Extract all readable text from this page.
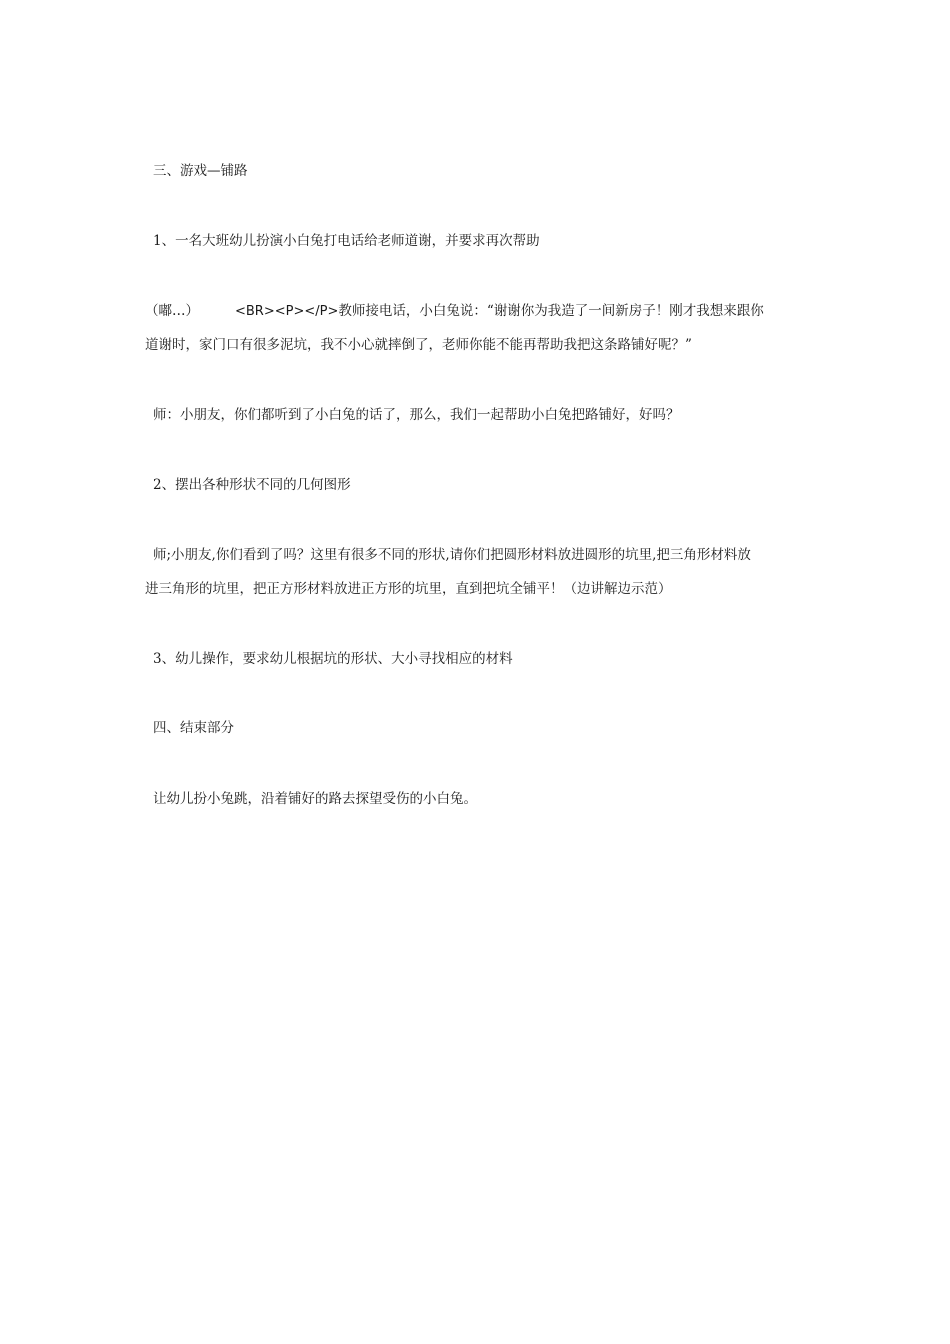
三、游戏—铺路
1、一名大班幼儿扮演小白兔打电话给老师道谢，并要求再次帮助
（嘟…）	<BR><P></P>教师接电话，小白兔说：“谢谢你为我造了一间新房子！刚才我想来跟你
道谢时，家门口有很多泥坑，我不小心就摔倒了，老师你能不能再帮助我把这条路铺好呢？”
师：小朋友，你们都听到了小白兔的话了，那么，我们一起帮助小白兔把路铺好，好吗？
2、摆出各种形状不同的几何图形
师;小朋友,你们看到了吗？这里有很多不同的形状,请你们把圆形材料放进圆形的坑里,把三角形材料放
进三角形的坑里，把正方形材料放进正方形的坑里，直到把坑全铺平！（边讲解边示范）
3、幼儿操作，要求幼儿根据坑的形状、大小寻找相应的材料
四、结束部分
让幼儿扮小兔跳，沿着铺好的路去探望受伤的小白兔。
